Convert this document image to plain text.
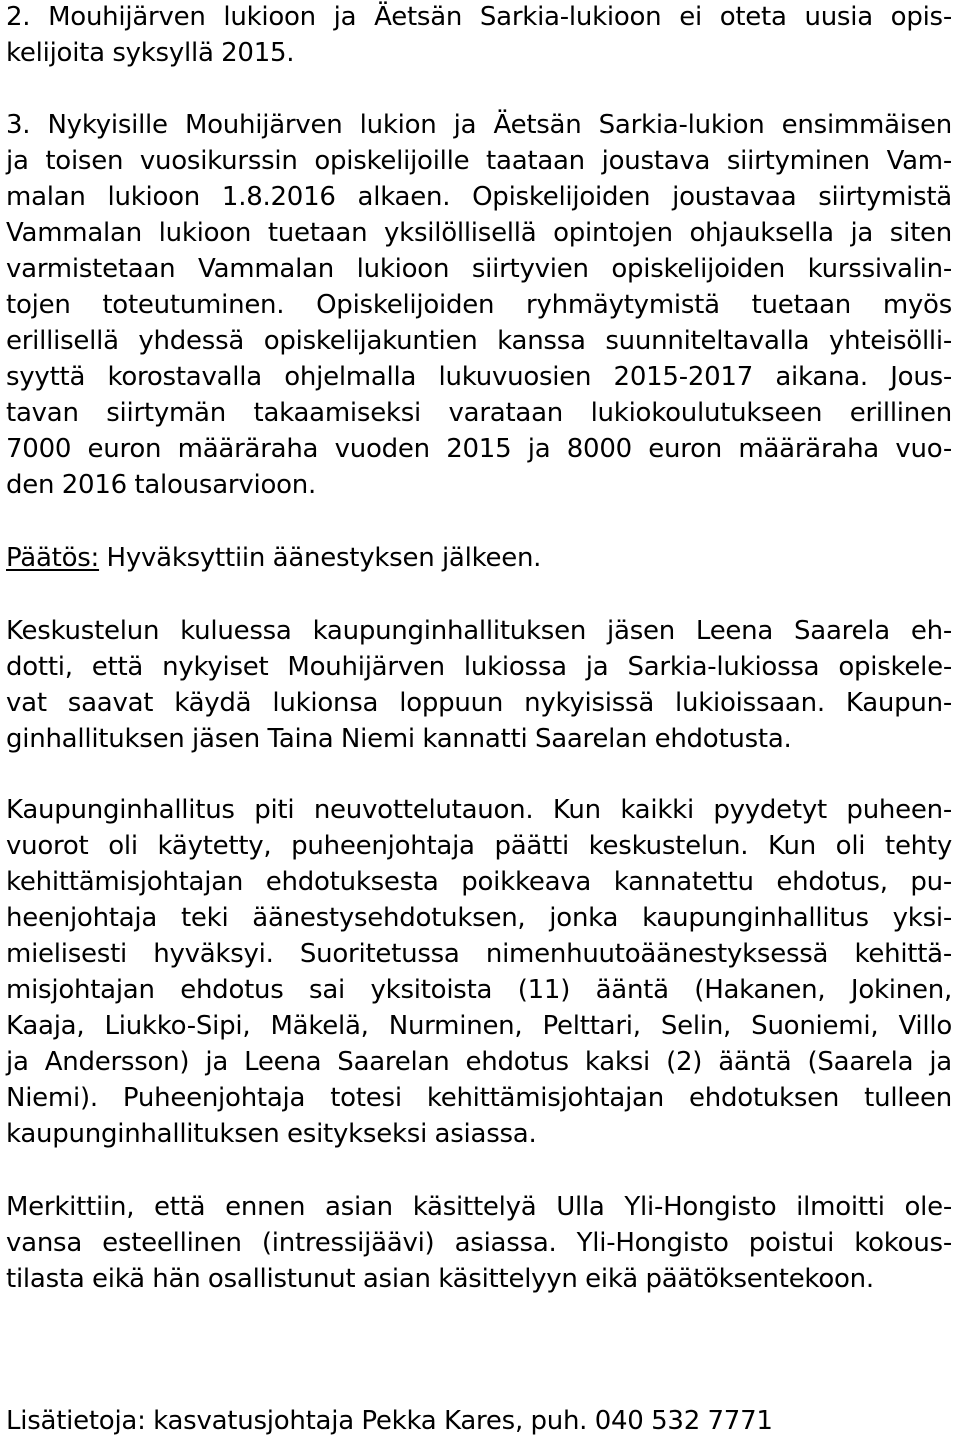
2. Mouhijärven lukioon ja Äetsän Sarkia-lukioon ei oteta uusia opis-
kelijoita syksyllä 2015.
3. Nykyisille Mouhijärven lukion ja Äetsän Sarkia-lukion ensimmäisen
ja toisen vuosikurssin opiskelijoille taataan joustava siirtyminen Vam-
malan lukioon 1.8.2016 alkaen. Opiskelijoiden joustavaa siirtymistä
Vammalan lukioon tuetaan yksilöllisellä opintojen ohjauksella ja siten
varmistetaan Vammalan lukioon siirtyvien opiskelijoiden kurssivalin-
tojen toteutuminen. Opiskelijoiden ryhmäytymistä tuetaan myös
erillisellä yhdessä opiskelijakuntien kanssa suunniteltavalla yhteisölli-
syyttä korostavalla ohjelmalla lukuvuosien 2015-2017 aikana. Jous-
tavan siirtymän takaamiseksi varataan lukiokoulutukseen erillinen
7000 euron määräraha vuoden 2015 ja 8000 euron määräraha vuo-
den 2016 talousarvioon.
Päätös: Hyväksyttiin äänestyksen jälkeen.
Keskustelun kuluessa kaupunginhallituksen jäsen Leena Saarela eh-
dotti, että nykyiset Mouhijärven lukiossa ja Sarkia-lukiossa opiskele-
vat saavat käydä lukionsa loppuun nykyisissä lukioissaan. Kaupun-
ginhallituksen jäsen Taina Niemi kannatti Saarelan ehdotusta.
Kaupunginhallitus piti neuvottelutauon. Kun kaikki pyydetyt puheen-
vuorot oli käytetty, puheenjohtaja päätti keskustelun. Kun oli tehty
kehittämisjohtajan ehdotuksesta poikkeava kannatettu ehdotus, pu-
heenjohtaja teki äänestysehdotuksen, jonka kaupunginhallitus yksi-
mielisesti hyväksyi. Suoritetussa nimenhuutoäänestyksessä kehittä-
misjohtajan ehdotus sai yksitoista (11) ääntä (Hakanen, Jokinen,
Kaaja, Liukko-Sipi, Mäkelä, Nurminen, Pelttari, Selin, Suoniemi, Villo
ja Andersson) ja Leena Saarelan ehdotus kaksi (2) ääntä (Saarela ja
Niemi). Puheenjohtaja totesi kehittämisjohtajan ehdotuksen tulleen
kaupunginhallituksen esitykseksi asiassa.
Merkittiin, että ennen asian käsittelyä Ulla Yli-Hongisto ilmoitti ole-
vansa esteellinen (intressijäävi) asiassa. Yli-Hongisto poistui kokous-
tilasta eikä hän osallistunut asian käsittelyyn eikä päätöksentekoon.
Lisätietoja: kasvatusjohtaja Pekka Kares, puh. 040 532 7771
